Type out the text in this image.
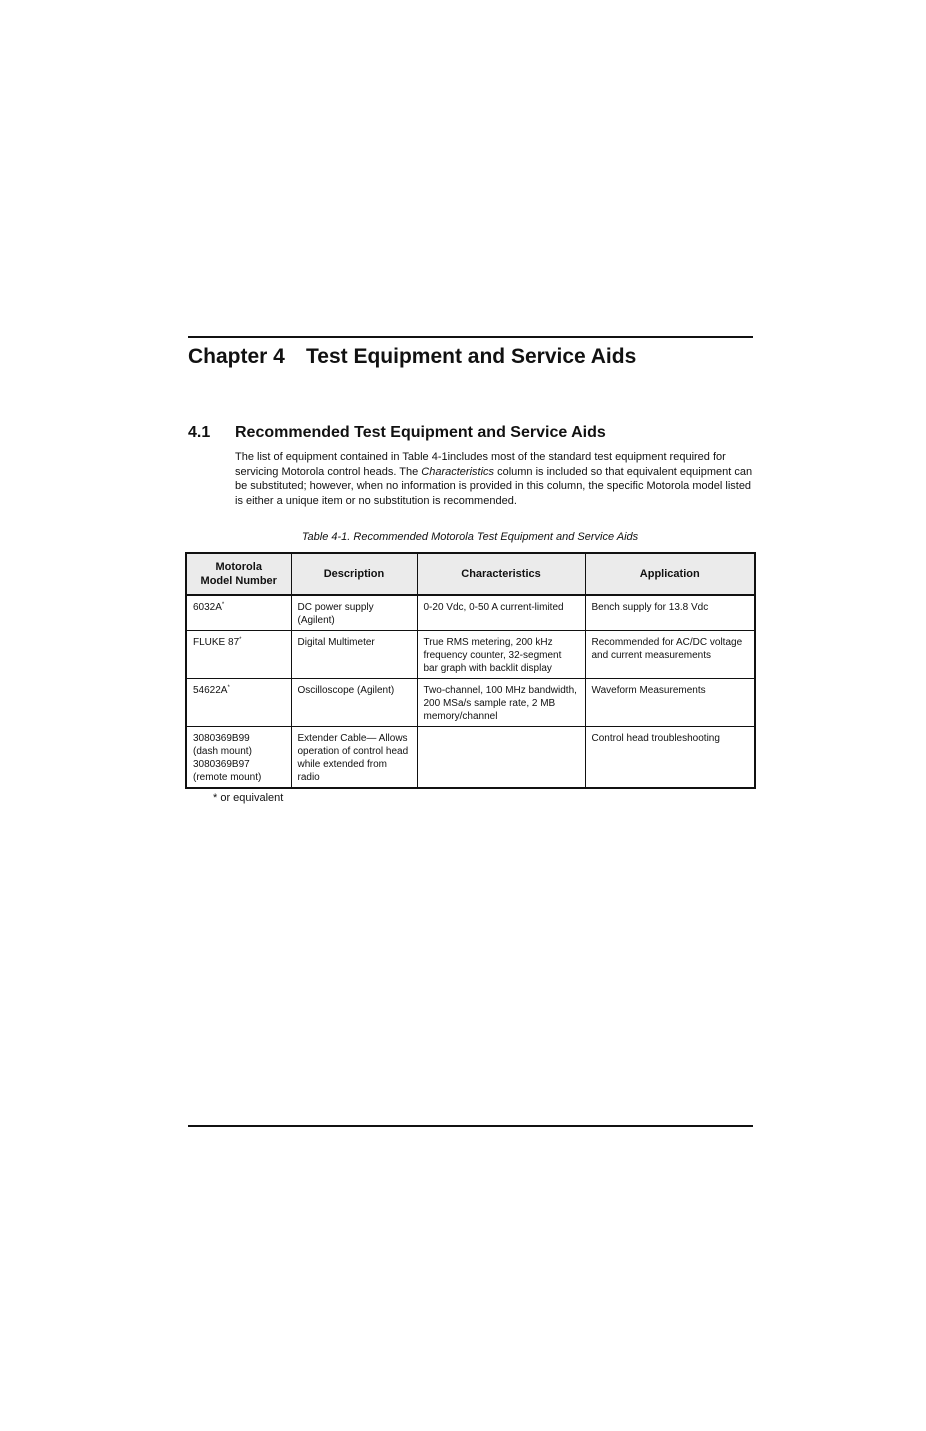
Chapter 4 Test Equipment and Service Aids
4.1 Recommended Test Equipment and Service Aids

The list of equipment contained in Table 4-1includes most of the standard test equipment required for servicing Motorola control heads. The Characteristics column is included so that equivalent equipment can be substituted; however, when no information is provided in this column, the specific Motorola model listed is either a unique item or no substitution is recommended.

Table 4-1. Recommended Motorola Test Equipment and Service Aids
Motorola
Model Number	Description	Characteristics	Application
6032A*	DC power supply (Agilent)	0-20 Vdc, 0-50 A current-limited	Bench supply for 13.8 Vdc
FLUKE 87*	Digital Multimeter	True RMS metering, 200 kHz frequency counter, 32-segment bar graph with backlit display	Recommended for AC/DC voltage and current measurements
54622A*	Oscilloscope (Agilent)	Two-channel, 100 MHz bandwidth, 200 MSa/s sample rate, 2 MB memory/channel	Waveform Measurements
3080369B99
(dash mount)
3080369B97
(remote mount)	Extender Cable— Allows operation of control head while extended from radio		Control head troubleshooting
* or equivalent
